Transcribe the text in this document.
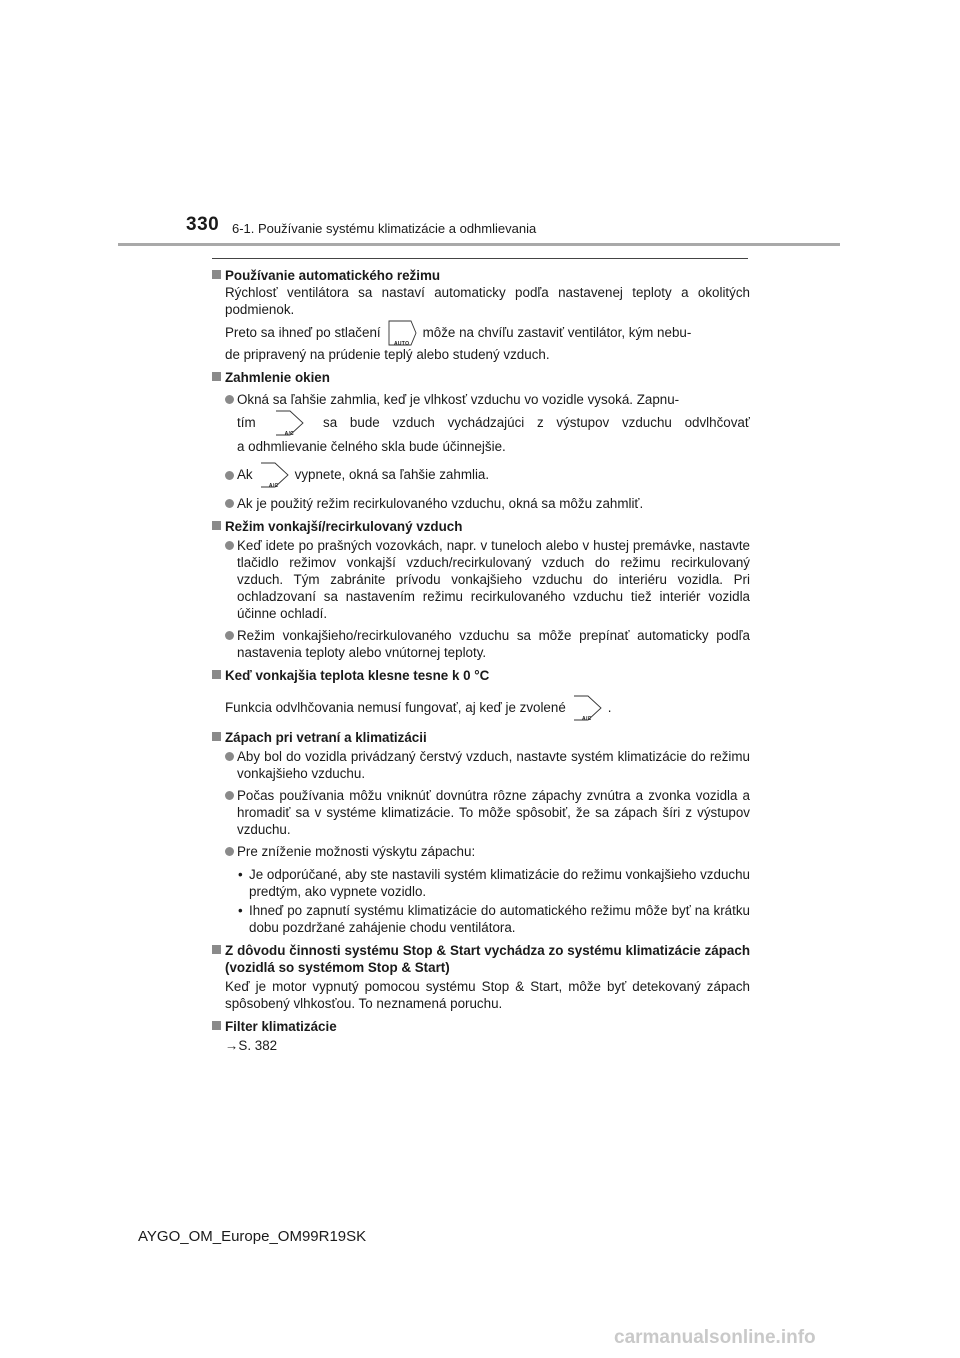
330 6-1. Používanie systému klimatizácie a odhmlievania
Používanie automatického režimu
Rýchlosť ventilátora sa nastaví automaticky podľa nastavenej teploty a okolitých podmienok.
Preto sa ihneď po stlačení
AUTO
môže na chvíľu zastaviť ventilátor, kým nebu-
de pripravený na prúdenie teplý alebo studený vzduch.
Zahmlenie okien
Okná sa ľahšie zahmlia, keď je vlhkosť vzduchu vo vozidle vysoká. Zapnu-
tím
A/C
sa bude vzduch vychádzajúci z výstupov vzduchu odvlhčovať
a odhmlievanie čelného skla bude účinnejšie.
Ak
A/C
vypnete, okná sa ľahšie zahmlia.
Ak je použitý režim recirkulovaného vzduchu, okná sa môžu zahmliť.
Režim vonkajší/recirkulovaný vzduch
Keď idete po prašných vozovkách, napr. v tuneloch alebo v hustej premávke, nastavte tlačidlo režimov vonkajší vzduch/recirkulovaný vzduch do režimu recirkulovaný vzduch. Tým zabránite prívodu vonkajšieho vzduchu do interiéru vozidla. Pri ochladzovaní sa nastavením režimu recirkulovaného vzduchu tiež interiér vozidla účinne ochladí.
Režim vonkajšieho/recirkulovaného vzduchu sa môže prepínať automaticky podľa nastavenia teploty alebo vnútornej teploty.
Keď vonkajšia teplota klesne tesne k 0 °C
Funkcia odvlhčovania nemusí fungovať, aj keď je zvolené
A/C
.
Zápach pri vetraní a klimatizácii
Aby bol do vozidla privádzaný čerstvý vzduch, nastavte systém klimatizácie do režimu vonkajšieho vzduchu.
Počas používania môžu vniknúť dovnútra rôzne zápachy zvnútra a zvonka vozidla a hromadiť sa v systéme klimatizácie. To môže spôsobiť, že sa zápach šíri z výstupov vzduchu.
Pre zníženie možnosti výskytu zápachu:
• Je odporúčané, aby ste nastavili systém klimatizácie do režimu vonkajšieho vzduchu predtým, ako vypnete vozidlo.
• Ihneď po zapnutí systému klimatizácie do automatického režimu môže byť na krátku dobu pozdržané zahájenie chodu ventilátora.
Z dôvodu činnosti systému Stop & Start vychádza zo systému klimatizácie zápach (vozidlá so systémom Stop & Start)
Keď je motor vypnutý pomocou systému Stop & Start, môže byť detekovaný zápach spôsobený vlhkosťou. To neznamená poruchu.
Filter klimatizácie
→S. 382
AYGO_OM_Europe_OM99R19SK
carmanualsonline.info
